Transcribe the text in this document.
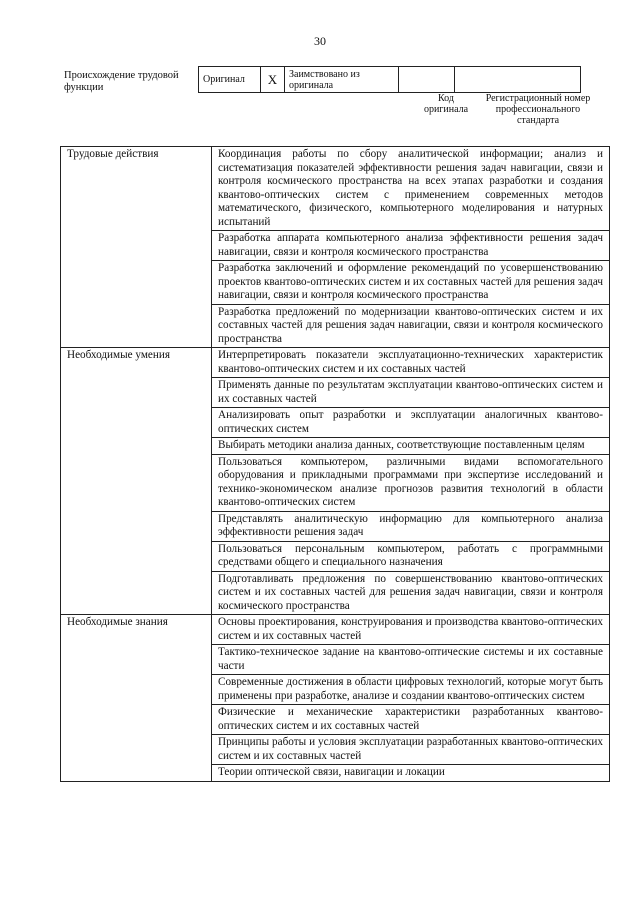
30
Происхождение трудовой функции
Оригинал	X	Заимствовано из оригинала		
Код оригинала
Регистрационный номер профессионального стандарта
Трудовые действия	Координация работы по сбору аналитической информации; анализ и систематизация показателей эффективности решения задач навигации, связи и контроля космического пространства на всех этапах разработки и создания квантово-оптических систем с применением современных методов математического, физического, компьютерного моделирования и натурных испытаний
	Разработка аппарата компьютерного анализа эффективности решения задач навигации, связи и контроля космического пространства
	Разработка заключений и оформление рекомендаций по усовершенствованию проектов квантово-оптических систем и их составных частей для решения задач навигации, связи и контроля космического пространства
	Разработка предложений по модернизации квантово-оптических систем и их составных частей для решения задач навигации, связи и контроля космического пространства
Необходимые умения	Интерпретировать показатели эксплуатационно-технических характеристик квантово-оптических систем и их составных частей
	Применять данные по результатам эксплуатации квантово-оптических систем и их составных частей
	Анализировать опыт разработки и эксплуатации аналогичных квантово-оптических систем
	Выбирать методики анализа данных, соответствующие поставленным целям
	Пользоваться компьютером, различными видами вспомогательного оборудования и прикладными программами при экспертизе исследований и технико-экономическом анализе прогнозов развития технологий в области квантово-оптических систем
	Представлять аналитическую информацию для компьютерного анализа эффективности решения задач
	Пользоваться персональным компьютером, работать с программными средствами общего и специального назначения
	Подготавливать предложения по совершенствованию квантово-оптических систем и их составных частей для решения задач навигации, связи и контроля космического пространства
Необходимые знания	Основы проектирования, конструирования и производства квантово-оптических систем и их составных частей
	Тактико-техническое задание на квантово-оптические системы и их составные части
	Современные достижения в области цифровых технологий, которые могут быть применены при разработке, анализе и создании квантово-оптических систем
	Физические и механические характеристики разработанных квантово-оптических систем и их составных частей
	Принципы работы и условия эксплуатации разработанных квантово-оптических систем и их составных частей
	Теории оптической связи, навигации и локации
